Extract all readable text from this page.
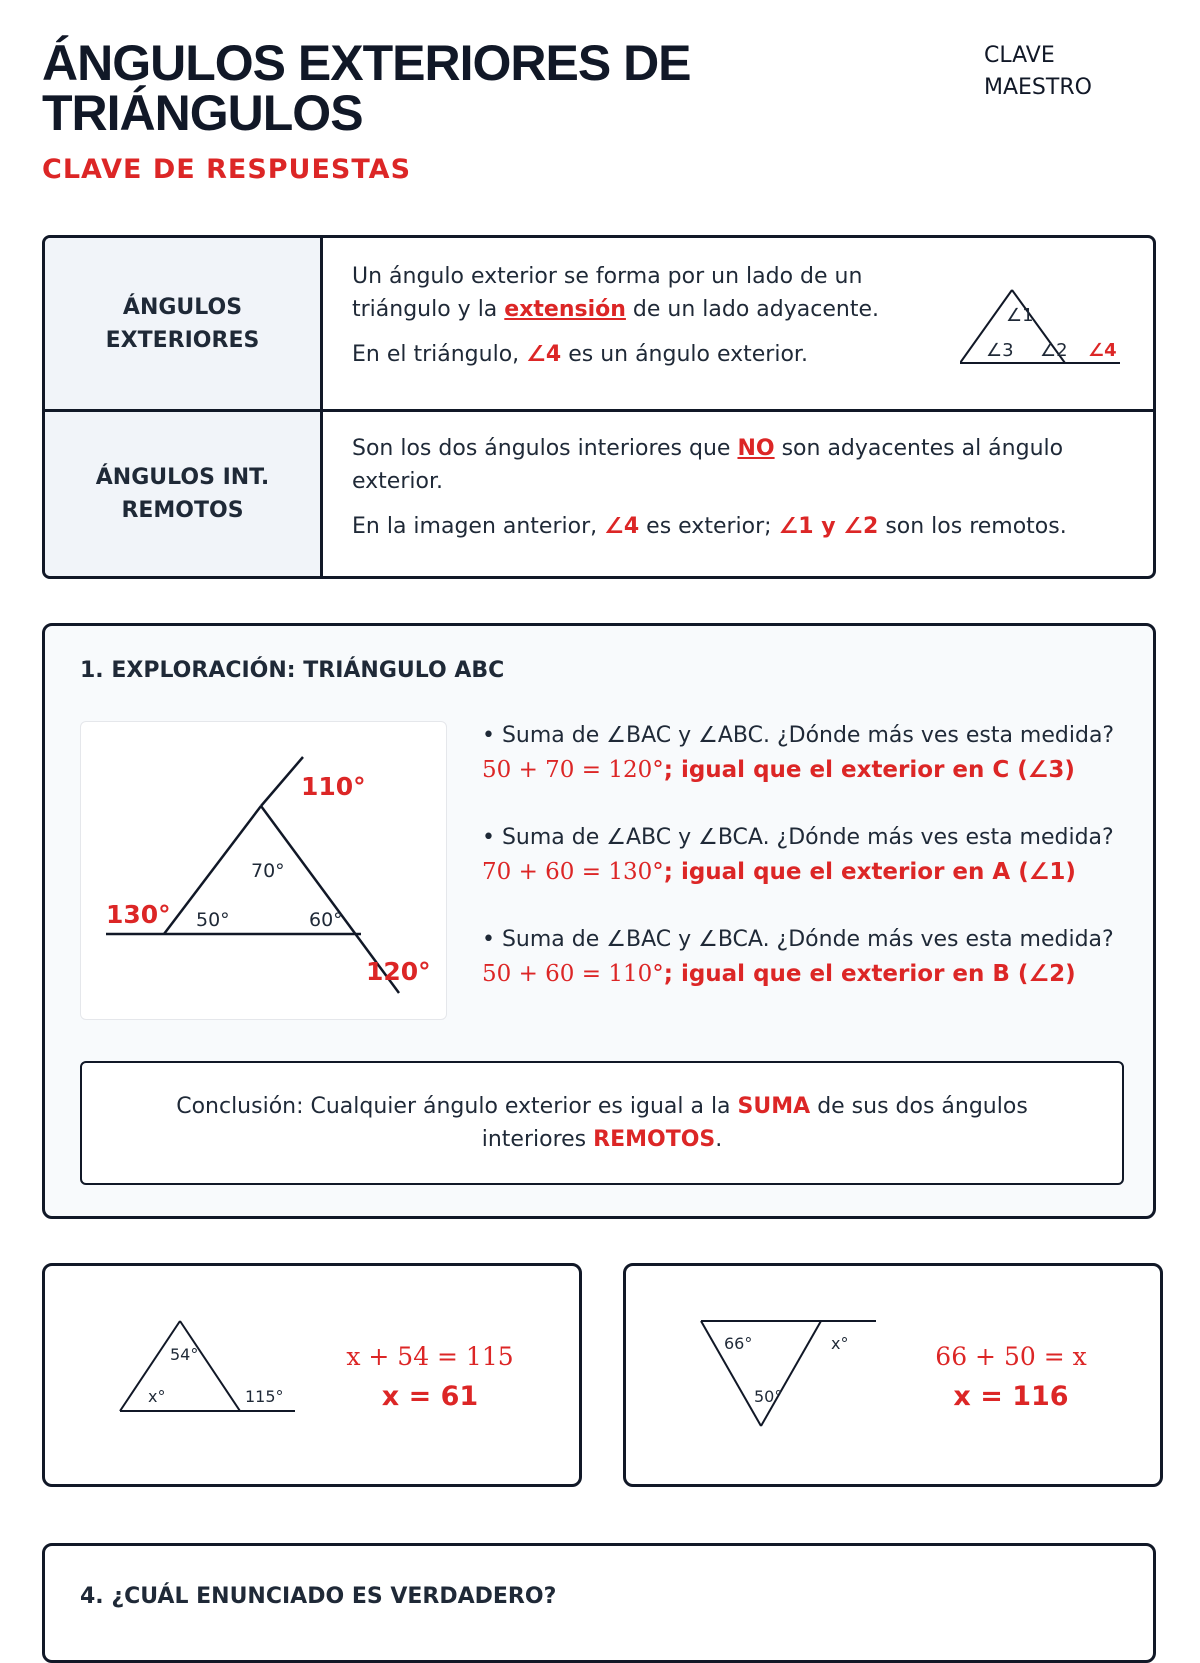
ÁNGULOS EXTERIORES DE
TRIÁNGULOS
CLAVE DE RESPUESTAS
CLAVE
MAESTRO
ÁNGULOS EXTERIORES
Un ángulo exterior se forma por un lado de un
triángulo y la extensión de un lado adyacente.
En el triángulo, ∠4 es un ángulo exterior.
∠1
∠3 ∠2 ∠4
ÁNGULOS INT. REMOTOS
Son los dos ángulos interiores que NO son adyacentes al ángulo
exterior.
En la imagen anterior, ∠4 es exterior; ∠1 y ∠2 son los remotos.
1. EXPLORACIÓN: TRIÁNGULO ABC
70°
50°	60°
110°
130°
120°
• Suma de ∠BAC y ∠ABC. ¿Dónde más ves esta medida?
50 + 70 = 120°; igual que el exterior en C (∠3)
• Suma de ∠ABC y ∠BCA. ¿Dónde más ves esta medida?
70 + 60 = 130°; igual que el exterior en A (∠1)
• Suma de ∠BAC y ∠BCA. ¿Dónde más ves esta medida?
50 + 60 = 110°; igual que el exterior en B (∠2)
Conclusión: Cualquier ángulo exterior es igual a la SUMA de sus dos ángulos interiores REMOTOS.
54°
x°	115°
x + 54 = 115
x = 61
66°	x°
50°
66 + 50 = x
x = 116
4. ¿CUÁL ENUNCIADO ES VERDADERO?
